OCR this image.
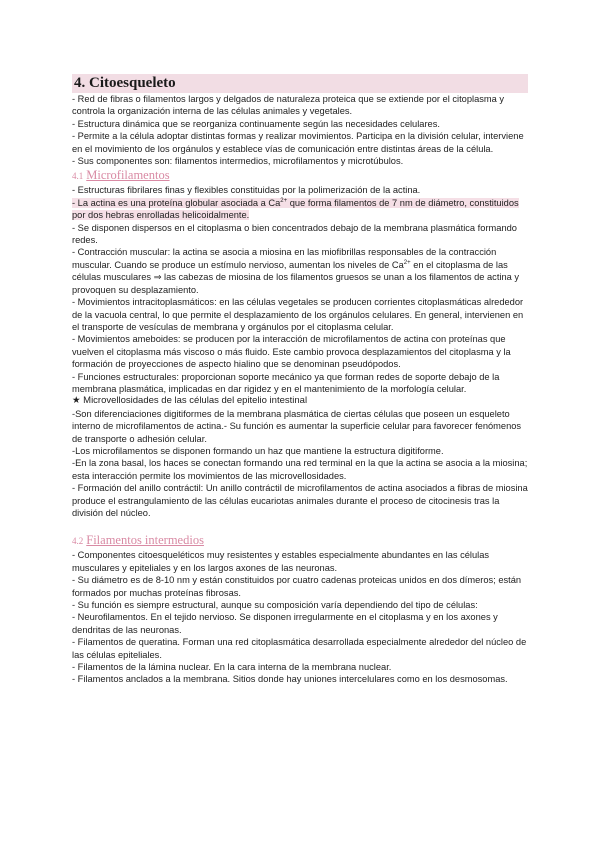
4. Citoesqueleto

- Red de fibras o filamentos largos y delgados de naturaleza proteica que se extiende por el citoplasma y controla la organización interna de las células animales y vegetales.

- Estructura dinámica que se reorganiza continuamente según las necesidades celulares.

- Permite a la célula adoptar distintas formas y realizar movimientos. Participa en la división celular, interviene en el movimiento de los orgánulos y establece vías de comunicación entre distintas áreas de la célula.

- Sus componentes son: filamentos intermedios, microfilamentos y microtúbulos.

4.1 Microfilamentos

- Estructuras fibrilares finas y flexibles constituidas por la polimerización de la actina.

- La actina es una proteína globular asociada a $Ca^{2+}$ que forma filamentos de 7 nm de diámetro, constituidos por dos hebras enrolladas helicoidalmente.

- Se disponen dispersos en el citoplasma o bien concentrados debajo de la membrana plasmática formando redes.

- Contracción muscular: la actina se asocia a miosina en las miofibrillas responsables de la contracción muscular. Cuando se produce un estímulo nervioso, aumentan los niveles de $Ca^{2+}$ en el citoplasma de las células musculares ⇒ las cabezas de miosina de los filamentos gruesos se unan a los filamentos de actina y provoquen su desplazamiento.

- Movimientos intracitoplasmáticos: en las células vegetales se producen corrientes citoplasmáticas alrededor de la vacuola central, lo que permite el desplazamiento de los orgánulos celulares. En general, intervienen en el transporte de vesículas de membrana y orgánulos por el citoplasma celular.

- Movimientos ameboides: se producen por la interacción de microfilamentos de actina con proteínas que vuelven el citoplasma más viscoso o más fluido. Este cambio provoca desplazamientos del citoplasma y la formación de proyecciones de aspecto hialino que se denominan pseudópodos.

- Funciones estructurales: proporcionan soporte mecánico ya que forman redes de soporte debajo de la membrana plasmática, implicadas en dar rigidez y en el mantenimiento de la morfología celular.

★ Microvellosidades de las células del epitelio intestinal

-Son diferenciaciones digitiformes de la membrana plasmática de ciertas células que poseen un esqueleto interno de microfilamentos de actina.- Su función es aumentar la superficie celular para favorecer fenómenos de transporte o adhesión celular.

-Los microfilamentos se disponen formando un haz que mantiene la estructura digitiforme.

-En la zona basal, los haces se conectan formando una red terminal en la que la actina se asocia a la miosina; esta interacción permite los movimientos de las microvellosidades.

- Formación del anillo contráctil: Un anillo contráctil de microfilamentos de actina asociados a fibras de miosina produce el estrangulamiento de las células eucariotas animales durante el proceso de citocinesis tras la división del núcleo.

4.2 Filamentos intermedios

- Componentes citoesqueléticos muy resistentes y estables especialmente abundantes en las células musculares y epiteliales y en los largos axones de las neuronas.

- Su diámetro es de 8-10 nm y están constituidos por cuatro cadenas proteicas unidos en dos dímeros; están formados por muchas proteínas fibrosas.

- Su función es siempre estructural, aunque su composición varía dependiendo del tipo de células:

- Neurofilamentos. En el tejido nervioso. Se disponen irregularmente en el citoplasma y en los axones y dendritas de las neuronas.

- Filamentos de queratina. Forman una red citoplasmática desarrollada especialmente alrededor del núcleo de las células epiteliales.

- Filamentos de la lámina nuclear. En la cara interna de la membrana nuclear.

- Filamentos anclados a la membrana. Sitios donde hay uniones intercelulares como en los desmosomas.
